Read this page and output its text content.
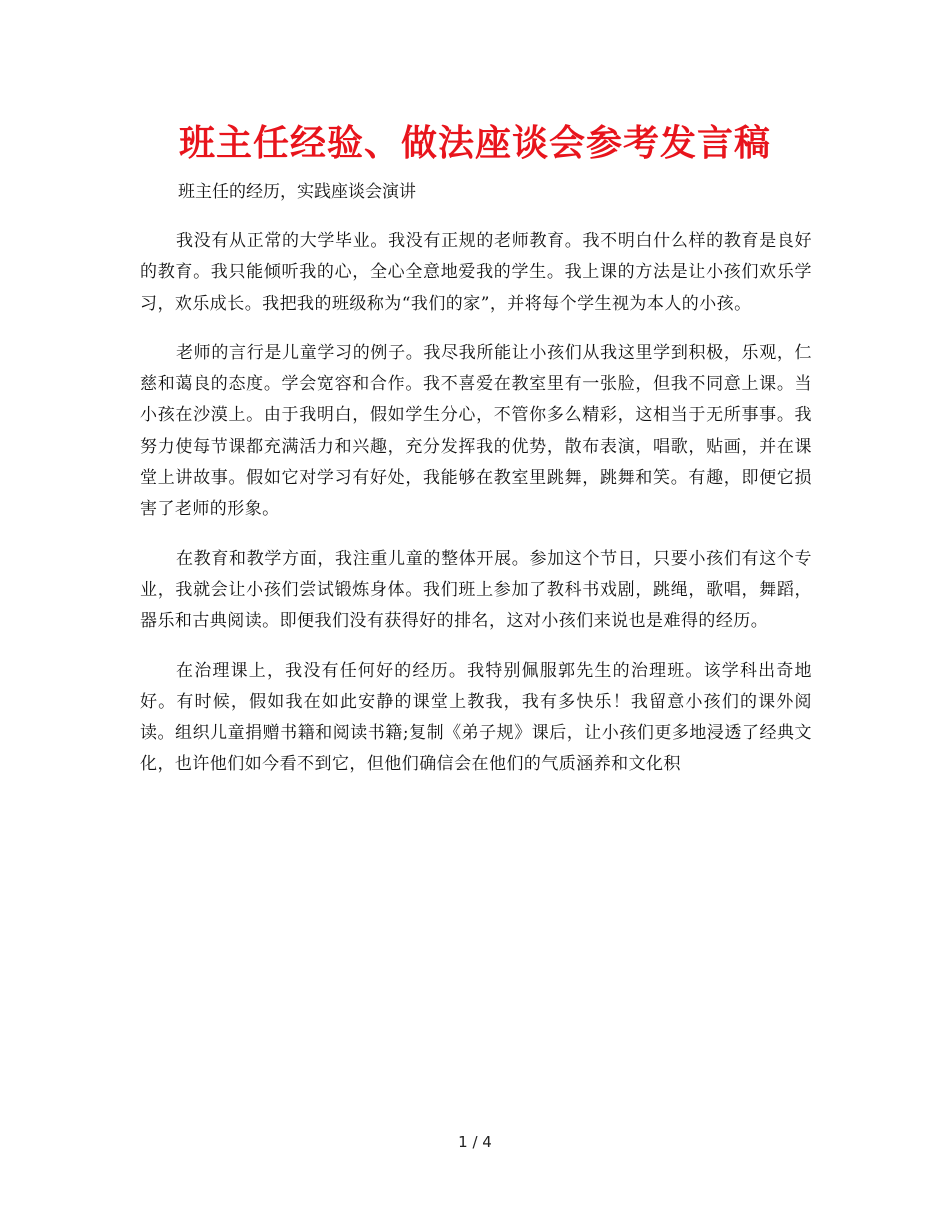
班主任经验、做法座谈会参考发言稿

班主任的经历，实践座谈会演讲

我没有从正常的大学毕业。我没有正规的老师教育。我不明白什么样的教育是良好的教育。我只能倾听我的心，全心全意地爱我的学生。我上课的方法是让小孩们欢乐学习，欢乐成长。我把我的班级称为“我们的家”，并将每个学生视为本人的小孩。

老师的言行是儿童学习的例子。我尽我所能让小孩们从我这里学到积极，乐观，仁慈和蔼良的态度。学会宽容和合作。我不喜爱在教室里有一张脸，但我不同意上课。当小孩在沙漠上。由于我明白，假如学生分心，不管你多么精彩，这相当于无所事事。我努力使每节课都充满活力和兴趣，充分发挥我的优势，散布表演，唱歌，贴画，并在课堂上讲故事。假如它对学习有好处，我能够在教室里跳舞，跳舞和笑。有趣，即便它损害了老师的形象。

在教育和教学方面，我注重儿童的整体开展。参加这个节日，只要小孩们有这个专业，我就会让小孩们尝试锻炼身体。我们班上参加了教科书戏剧，跳绳，歌唱，舞蹈，器乐和古典阅读。即便我们没有获得好的排名，这对小孩们来说也是难得的经历。

在治理课上，我没有任何好的经历。我特别佩服郭先生的治理班。该学科出奇地好。有时候，假如我在如此安静的课堂上教我，我有多快乐！我留意小孩们的课外阅读。组织儿童捐赠书籍和阅读书籍;复制《弟子规》课后，让小孩们更多地浸透了经典文化，也许他们如今看不到它，但他们确信会在他们的气质涵养和文化积

1 / 4
